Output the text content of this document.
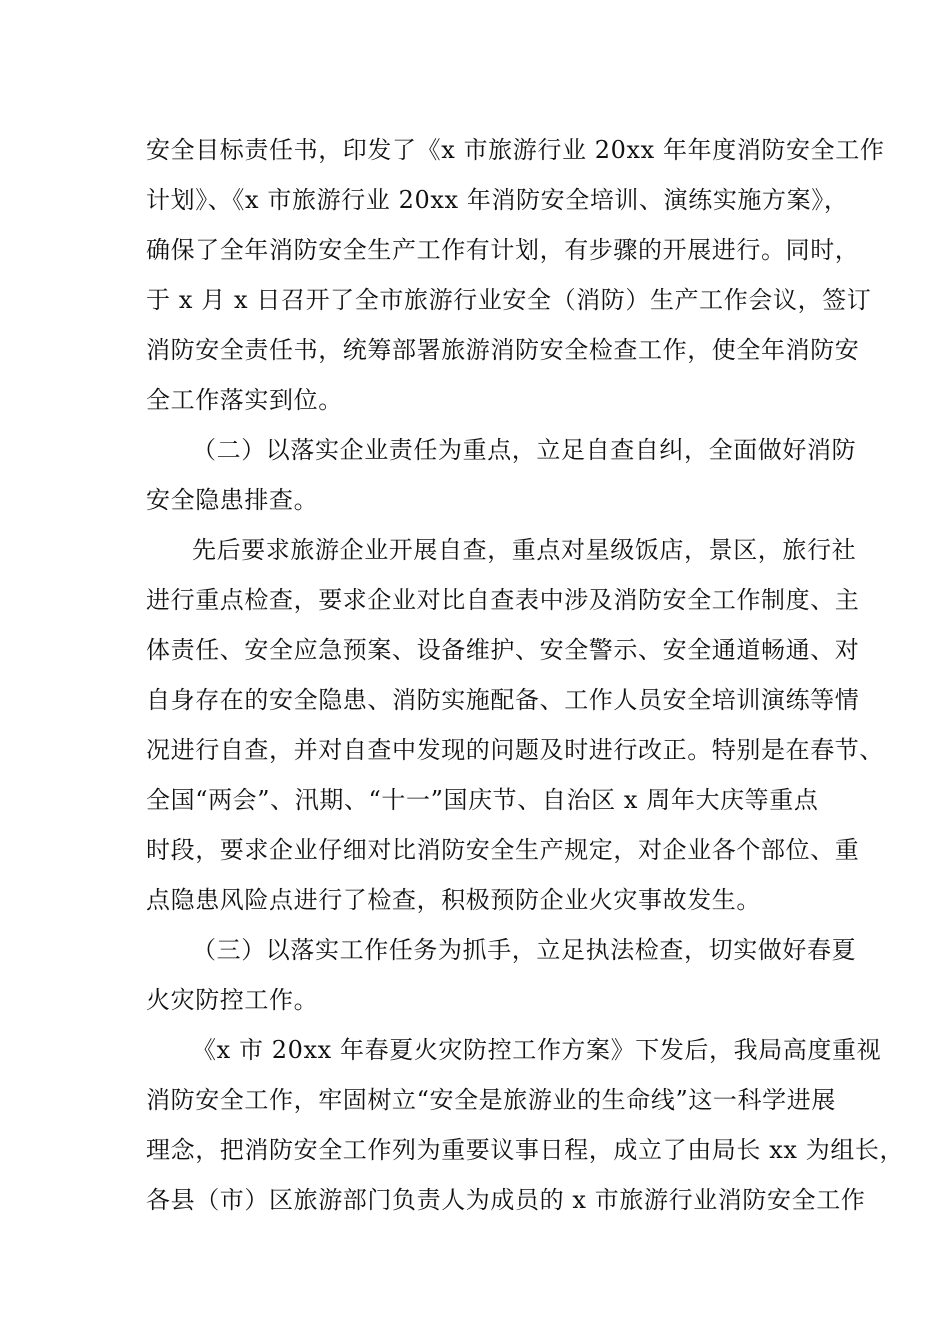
安全目标责任书，印发了《x 市旅游行业 20xx 年年度消防安全工作
计划》、《x 市旅游行业 20xx 年消防安全培训、演练实施方案》，
确保了全年消防安全生产工作有计划，有步骤的开展进行。同时，
于 x 月 x 日召开了全市旅游行业安全（消防）生产工作会议，签订
消防安全责任书，统筹部署旅游消防安全检查工作，使全年消防安
全工作落实到位。
（二）以落实企业责任为重点，立足自查自纠，全面做好消防
安全隐患排查。
先后要求旅游企业开展自查，重点对星级饭店，景区，旅行社
进行重点检查，要求企业对比自查表中涉及消防安全工作制度、主
体责任、安全应急预案、设备维护、安全警示、安全通道畅通、对
自身存在的安全隐患、消防实施配备、工作人员安全培训演练等情
况进行自查，并对自查中发现的问题及时进行改正。特别是在春节、
全国“两会”、汛期、“十一”国庆节、自治区 x 周年大庆等重点
时段，要求企业仔细对比消防安全生产规定，对企业各个部位、重
点隐患风险点进行了检查，积极预防企业火灾事故发生。
（三）以落实工作任务为抓手，立足执法检查，切实做好春夏
火灾防控工作。
《x 市 20xx 年春夏火灾防控工作方案》下发后，我局高度重视
消防安全工作，牢固树立“安全是旅游业的生命线”这一科学进展
理念，把消防安全工作列为重要议事日程，成立了由局长 xx 为组长，
各县（市）区旅游部门负责人为成员的 x 市旅游行业消防安全工作
